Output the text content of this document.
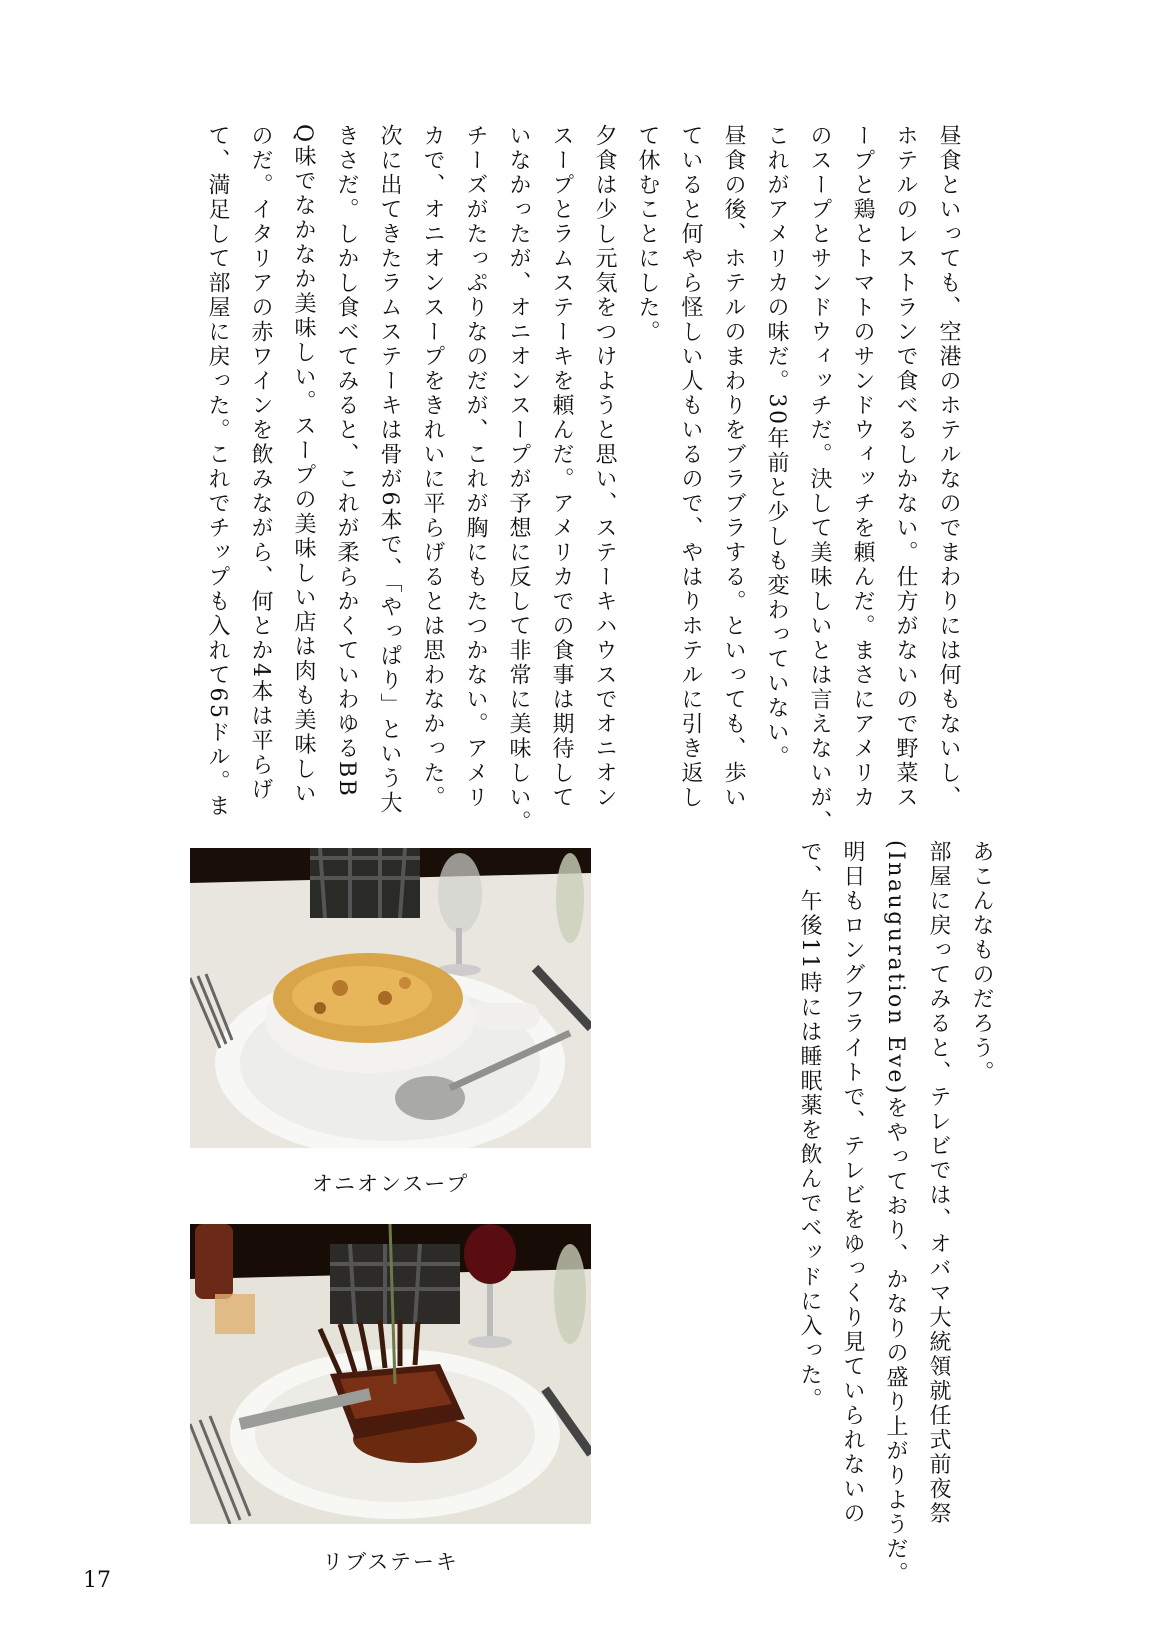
昼食といっても、空港のホテルなのでまわりには何もないし、
ホテルのレストランで食べるしかない。仕方がないので野菜ス
ープと鶏とトマトのサンドウィッチを頼んだ。まさにアメリカ
のスープとサンドウィッチだ。決して美味しいとは言えないが、
これがアメリカの味だ。30年前と少しも変わっていない。
昼食の後、ホテルのまわりをブラブラする。といっても、歩い
ていると何やら怪しい人もいるので、やはりホテルに引き返し
て休むことにした。
夕食は少し元気をつけようと思い、ステーキハウスでオニオン
スープとラムステーキを頼んだ。アメリカでの食事は期待して
いなかったが、オニオンスープが予想に反して非常に美味しい。
チーズがたっぷりなのだが、これが胸にもたつかない。アメリ
カで、オニオンスープをきれいに平らげるとは思わなかった。
次に出てきたラムステーキは骨が6本で、「やっぱり」という大
きさだ。しかし食べてみると、これが柔らかくていわゆるBB
Q味でなかなか美味しい。スープの美味しい店は肉も美味しい
のだ。イタリアの赤ワインを飲みながら、何とか4本は平らげ
て、満足して部屋に戻った。これでチップも入れて65ドル。ま
あこんなものだろう。
部屋に戻ってみると、テレビでは、オバマ大統領就任式前夜祭
(Inauguration Eve)をやっており、かなりの盛り上がりようだ。
明日もロングフライトで、テレビをゆっくり見ていられないの
で、午後11時には睡眠薬を飲んでベッドに入った。
オニオンスープ
リブステーキ
17
